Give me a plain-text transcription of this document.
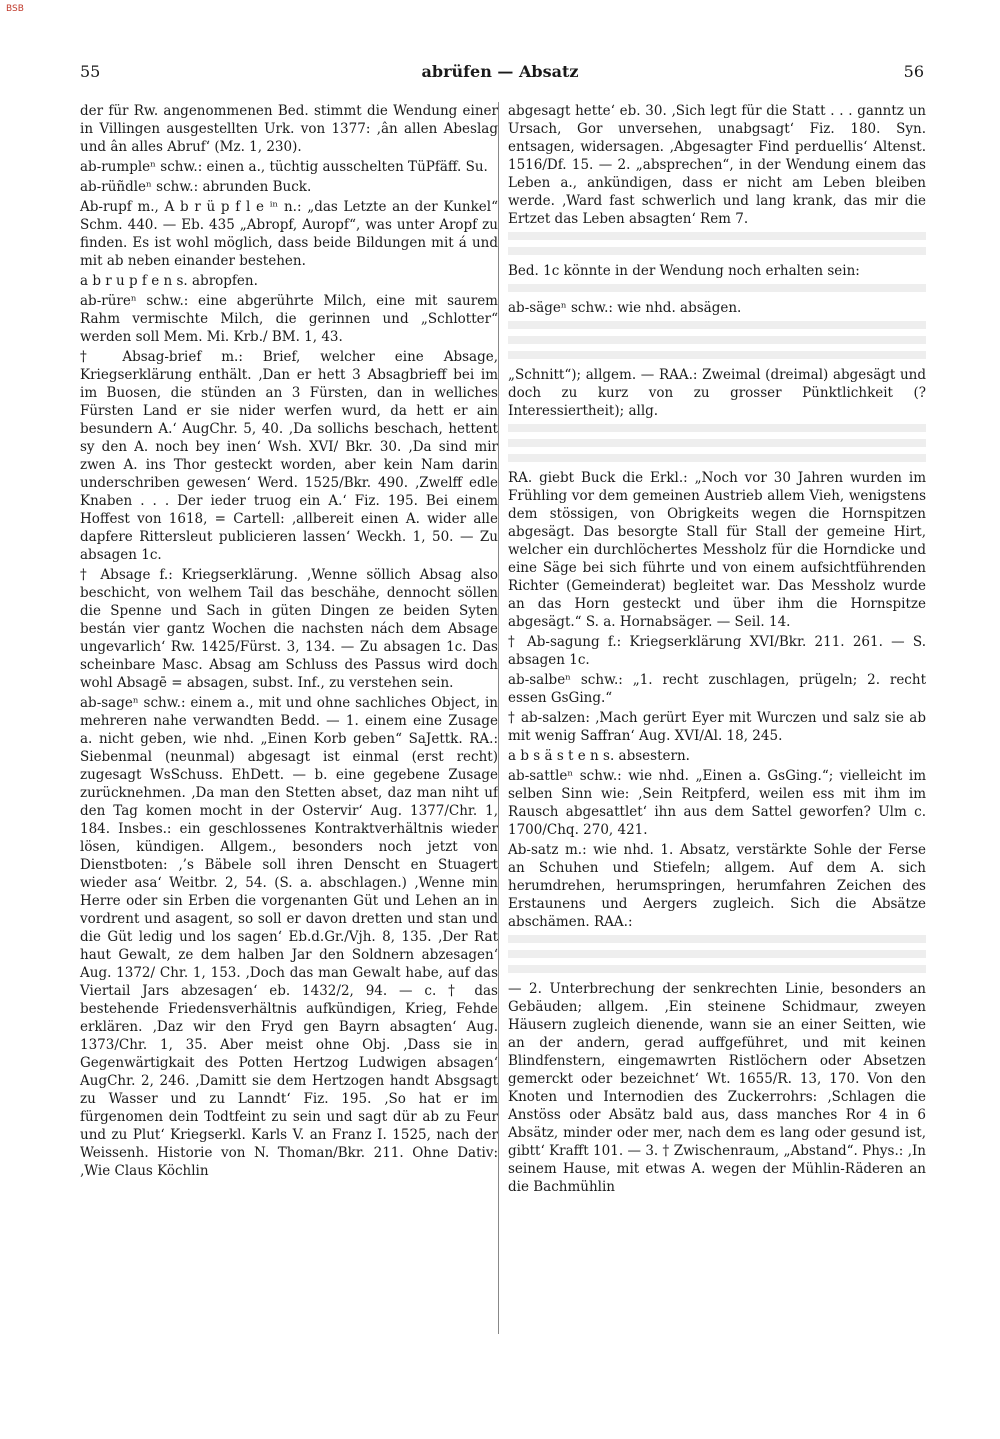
BSB
55	abrüfen — Absatz	56

der für Rw. angenommenen Bed. stimmt die Wendung einer in Villingen ausgestellten Urk. von 1377: ‚ân allen Abeslag und ân alles Abruf‘ (Mz. 1, 230).

ab-rumpleⁿ schw.: einen a., tüchtig ausschelten TüPfäff. Su.

ab-rüñdleⁿ schw.: abrunden Buck.

Ab-rupf m., A b r ü p f l e ⁱⁿ n.: „das Letzte an der Kunkel“ Schm. 440. — Eb. 435 „Abropf, Auropf“, was unter Aropf zu finden. Es ist wohl möglich, dass beide Bildungen mit á und mit ab neben einander bestehen.

a b r u p f e n s. abropfen.

ab-rüreⁿ schw.: eine abgerührte Milch, eine mit saurem Rahm vermischte Milch, die gerinnen und „Schlotter“ werden soll Mem. Mi. Krb./ BM. 1, 43.

† Absag-brief m.: Brief, welcher eine Absage, Kriegserklärung enthält. ‚Dan er hett 3 Absagbrieff bei im im Buosen, die stünden an 3 Fürsten, dan in welliches Fürsten Land er sie nider werfen wurd, da hett er ain besundern A.‘ AugChr. 5, 40. ‚Da sollichs beschach, hettent sy den A. noch bey inen‘ Wsh. XVI/ Bkr. 30. ‚Da sind mir zwen A. ins Thor gesteckt worden, aber kein Nam darin underschriben gewesen‘ Werd. 1525/Bkr. 490. ‚Zwelff edle Knaben . . . Der ieder truog ein A.‘ Fiz. 195. Bei einem Hoffest von 1618, = Cartell: ‚allbereit einen A. wider alle dapfere Rittersleut publicieren lassen‘ Weckh. 1, 50. — Zu absagen 1c.

† Absage f.: Kriegserklärung. ‚Wenne söllich Absag also beschicht, von welhem Tail das beschähe, dennocht söllen die Spenne und Sach in güten Dingen ze beiden Syten bestán vier gantz Wochen die nachsten nách dem Absage ungevarlich‘ Rw. 1425/Fürst. 3, 134. — Zu absagen 1c. Das scheinbare Masc. Absag am Schluss des Passus wird doch wohl Absagē = absagen, subst. Inf., zu verstehen sein.

ab-sageⁿ schw.: einem a., mit und ohne sachliches Object, in mehreren nahe verwandten Bedd. — 1. einem eine Zusage a. nicht geben, wie nhd. „Einen Korb geben“ SaJettk. RA.: Siebenmal (neunmal) abgesagt ist einmal (erst recht) zugesagt WsSchuss. EhDett. — b. eine gegebene Zusage zurücknehmen. ‚Da man den Stetten abset, daz man niht uf den Tag komen mocht in der Ostervir‘ Aug. 1377/Chr. 1, 184. Insbes.: ein geschlossenes Kontraktverhältnis wieder lösen, kündigen. Allgem., besonders noch jetzt von Dienstboten: ‚’s Bäbele soll ihren Denscht en Stuagert wieder asa‘ Weitbr. 2, 54. (S. a. abschlagen.) ‚Wenne min Herre oder sin Erben die vorgenanten Güt und Lehen an in vordrent und asagent, so soll er davon dretten und stan und die Güt ledig und los sagen‘ Eb.d.Gr./Vjh. 8, 135. ‚Der Rat haut Gewalt, ze dem halben Jar den Soldnern abzesagen‘ Aug. 1372/ Chr. 1, 153. ‚Doch das man Gewalt habe, auf das Viertail Jars abzesagen‘ eb. 1432/2, 94. — c. † das bestehende Friedensverhältnis aufkündigen, Krieg, Fehde erklären. ‚Daz wir den Fryd gen Bayrn absagten‘ Aug. 1373/Chr. 1, 35. Aber meist ohne Obj. ‚Dass sie in Gegenwärtigkait des Potten Hertzog Ludwigen absagen‘ AugChr. 2, 246. ‚Damitt sie dem Hertzogen handt Absgsagt zu Wasser und zu Lanndt‘ Fiz. 195. ‚So hat er im fürgenomen dein Todtfeint zu sein und sagt dür ab zu Feur und zu Plut‘ Kriegserkl. Karls V. an Franz I. 1525, nach der Weissenh. Historie von N. Thoman/Bkr. 211. Ohne Dativ: ‚Wie Claus Köchlin

abgesagt hette‘ eb. 30. ‚Sich legt für die Statt . . . ganntz un Ursach, Gor unversehen, unabgsagt‘ Fiz. 180. Syn. entsagen, widersagen. ‚Abgesagter Find perduellis‘ Altenst. 1516/Df. 15. — 2. „absprechen“, in der Wendung einem das Leben a., ankündigen, dass er nicht am Leben bleiben werde. ‚Ward fast schwerlich und lang krank, das mir die Ertzet das Leben absagten‘ Rem 7.

Bed. 1c könnte in der Wendung noch erhalten sein:

ab-sägeⁿ schw.: wie nhd. absägen.

„Schnitt“); allgem. — RAA.: Zweimal (dreimal) abgesägt und doch zu kurz von zu grosser Pünktlichkeit (? Interessiertheit); allg.

RA. giebt Buck die Erkl.: „Noch vor 30 Jahren wurden im Frühling vor dem gemeinen Austrieb allem Vieh, wenigstens dem stössigen, von Obrigkeits wegen die Hornspitzen abgesägt. Das besorgte Stall für Stall der gemeine Hirt, welcher ein durchlöchertes Messholz für die Horndicke und eine Säge bei sich führte und von einem aufsichtführenden Richter (Gemeinderat) begleitet war. Das Messholz wurde an das Horn gesteckt und über ihm die Hornspitze abgesägt.“ S. a. Hornabsäger. — Seil. 14.

† Ab-sagung f.: Kriegserklärung XVI/Bkr. 211. 261. — S. absagen 1c.

ab-salbeⁿ schw.: „1. recht zuschlagen, prügeln; 2. recht essen GsGing.“

† ab-salzen: ‚Mach gerürt Eyer mit Wurczen und salz sie ab mit wenig Saffran‘ Aug. XVI/Al. 18, 245.

a b s ä s t e n s. absestern.

ab-sattleⁿ schw.: wie nhd. „Einen a. GsGing.“; vielleicht im selben Sinn wie: ‚Sein Reitpferd, weilen ess mit ihm im Rausch abgesattlet‘ ihn aus dem Sattel geworfen? Ulm c. 1700/Chq. 270, 421.

Ab-satz m.: wie nhd. 1. Absatz, verstärkte Sohle der Ferse an Schuhen und Stiefeln; allgem. Auf dem A. sich herumdrehen, herumspringen, herumfahren Zeichen des Erstaunens und Aergers zugleich. Sich die Absätze abschämen. RAA.:

— 2. Unterbrechung der senkrechten Linie, besonders an Gebäuden; allgem. ‚Ein steinene Schidmaur, zweyen Häusern zugleich dienende, wann sie an einer Seitten, wie an der andern, gerad auffgeführet, und mit keinen Blindfenstern, eingemawrten Ristlöchern oder Absetzen gemerckt oder bezeichnet‘ Wt. 1655/R. 13, 170. Von den Knoten und Internodien des Zuckerrohrs: ‚Schlagen die Anstöss oder Absätz bald aus, dass manches Ror 4 in 6 Absätz, minder oder mer, nach dem es lang oder gesund ist, gibtt‘ Krafft 101. — 3. † Zwischenraum, „Abstand“. Phys.: ‚In seinem Hause, mit etwas A. wegen der Mühlin-Räderen an die Bachmühlin
